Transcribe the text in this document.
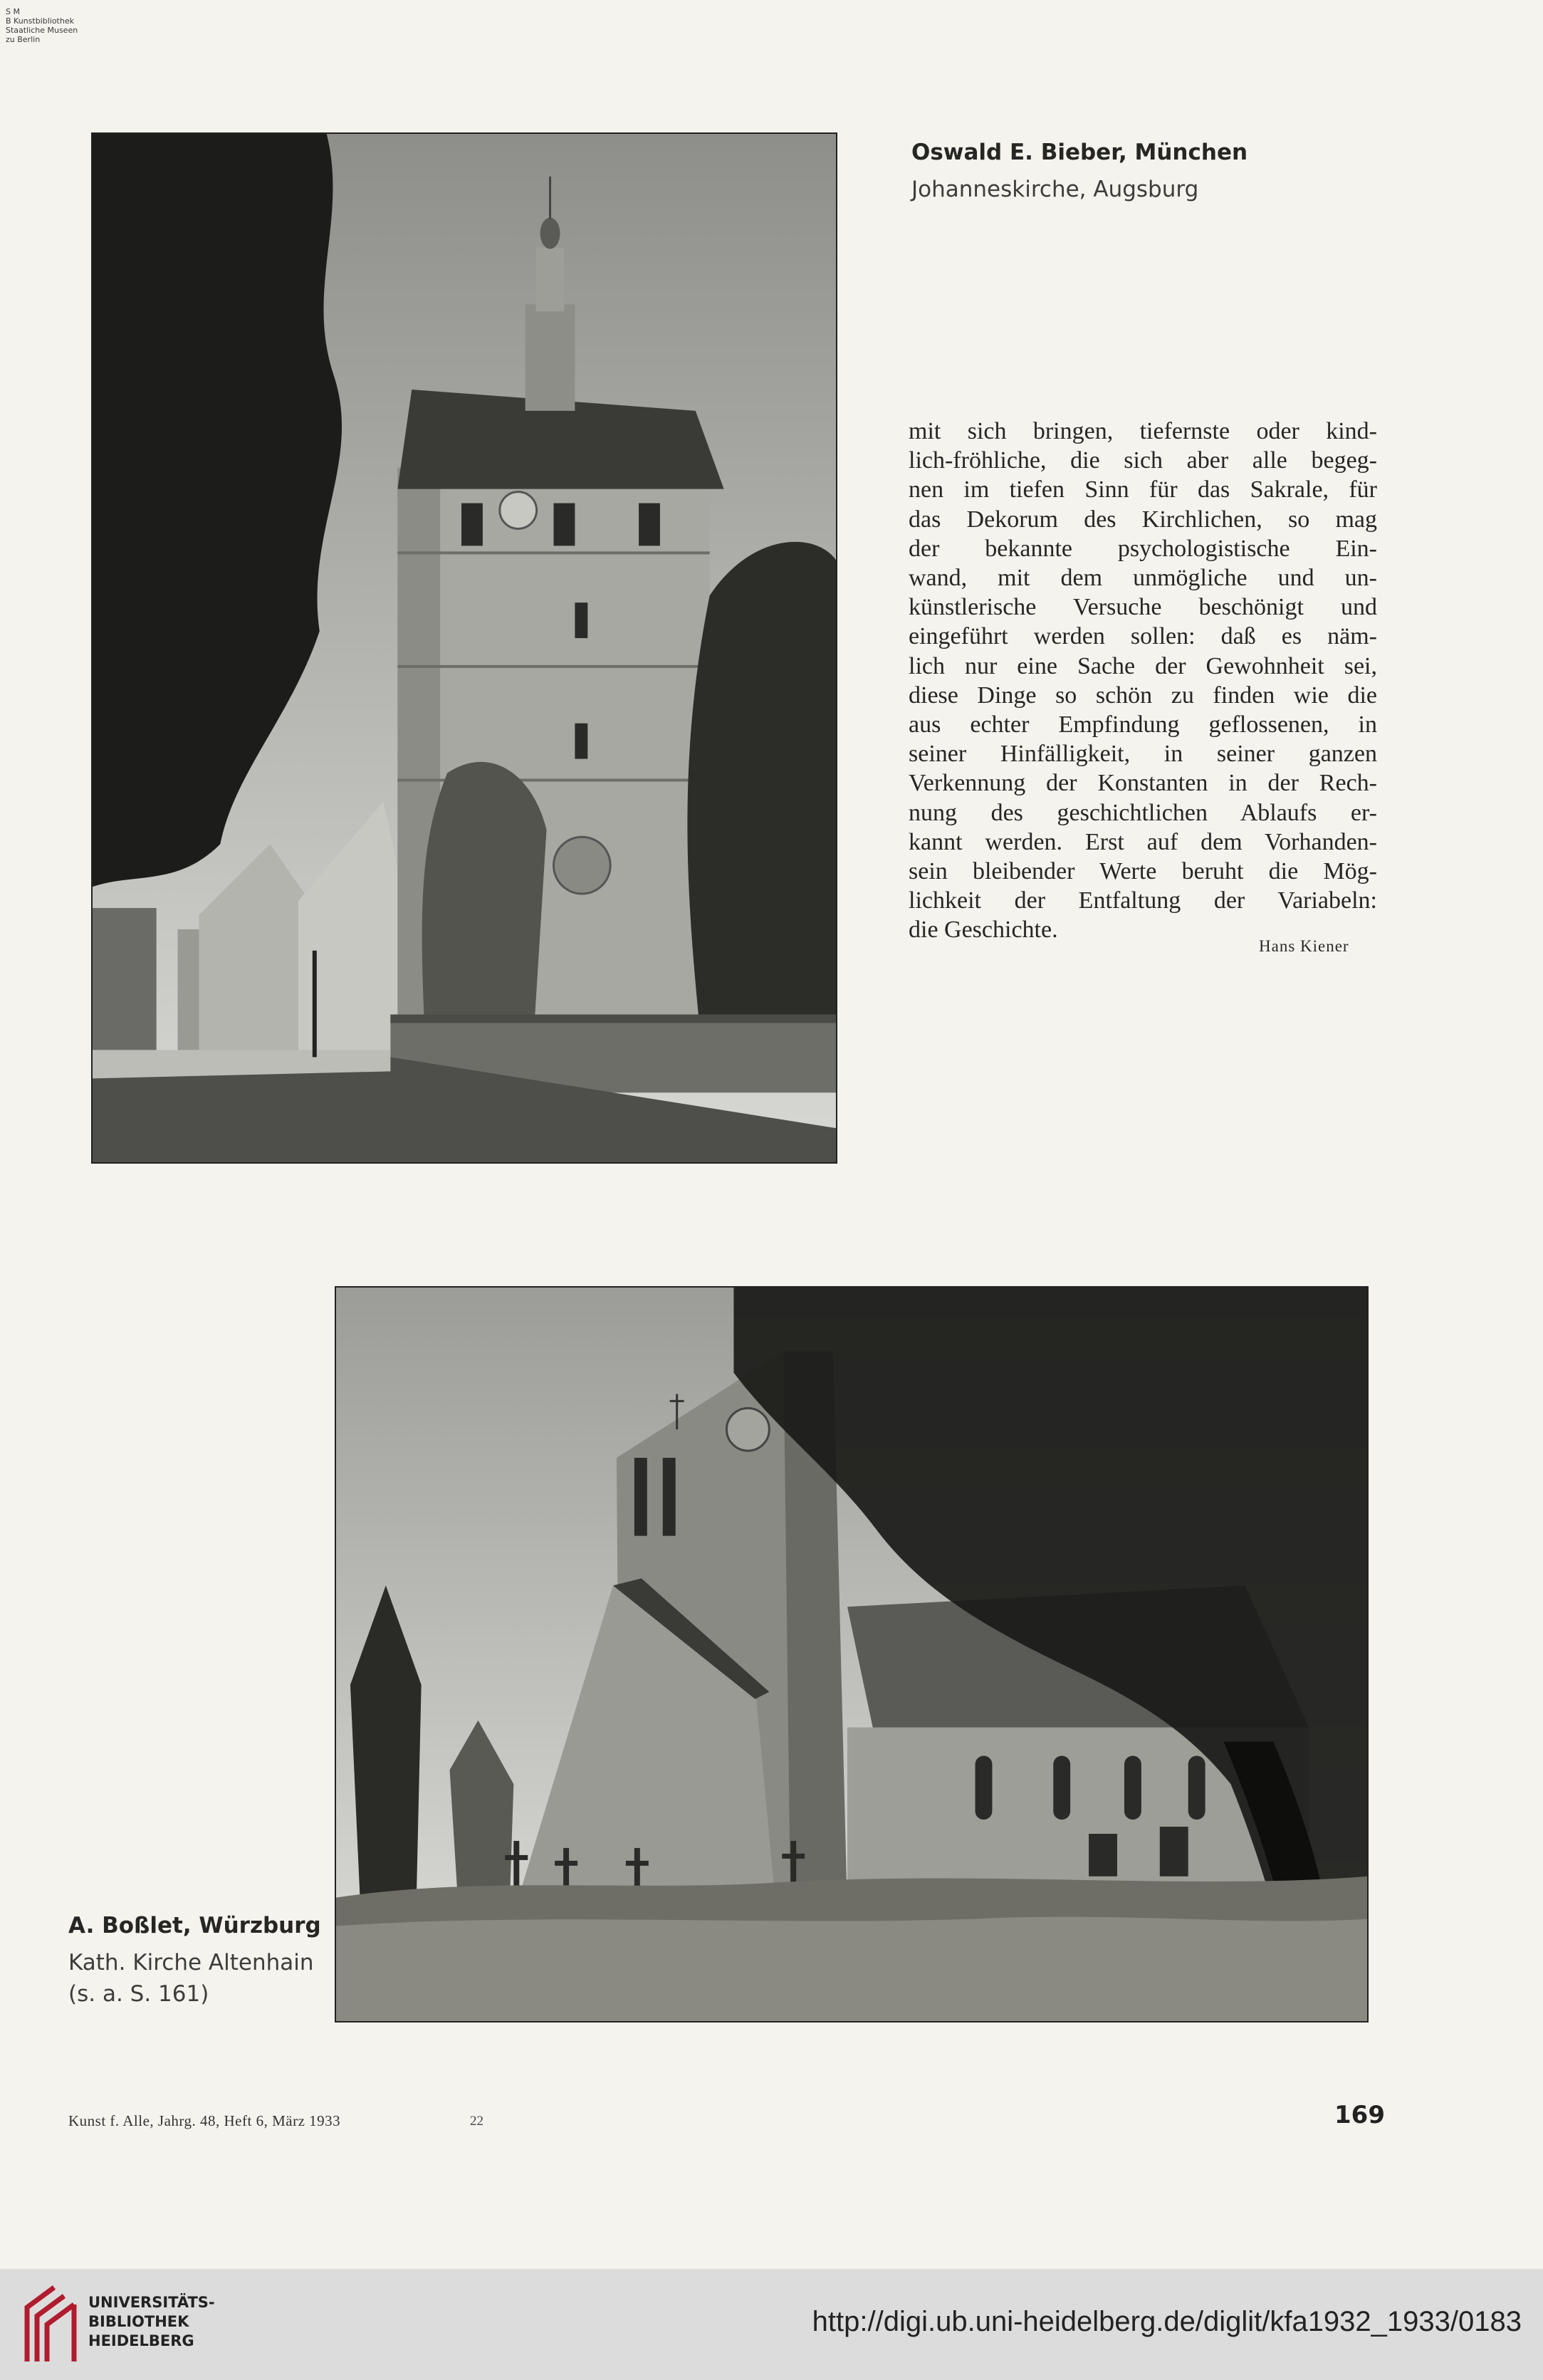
S M
B Kunstbibliothek
Staatliche Museen
zu Berlin
Oswald E. Bieber, München
Johanneskirche, Augsburg
mit sich bringen, tiefernste oder kind-
lich-fröhliche, die sich aber alle begeg-
nen im tiefen Sinn für das Sakrale, für
das Dekorum des Kirchlichen, so mag
der bekannte psychologistische Ein-
wand, mit dem unmögliche und un-
künstlerische Versuche beschönigt und
eingeführt werden sollen: daß es näm-
lich nur eine Sache der Gewohnheit sei,
diese Dinge so schön zu finden wie die
aus echter Empfindung geflossenen, in
seiner Hinfälligkeit, in seiner ganzen
Verkennung der Konstanten in der Rech-
nung des geschichtlichen Ablaufs er-
kannt werden. Erst auf dem Vorhanden-
sein bleibender Werte beruht die Mög-
lichkeit der Entfaltung der Variabeln:
die Geschichte.
Hans Kiener
A. Boßlet, Würzburg
Kath. Kirche Altenhain
(s. a. S. 161)
Kunst f. Alle, Jahrg. 48, Heft 6, März 1933	22	169
UNIVERSITÄTS-
BIBLIOTHEK
HEIDELBERG
http://digi.ub.uni-heidelberg.de/diglit/kfa1932_1933/0183
